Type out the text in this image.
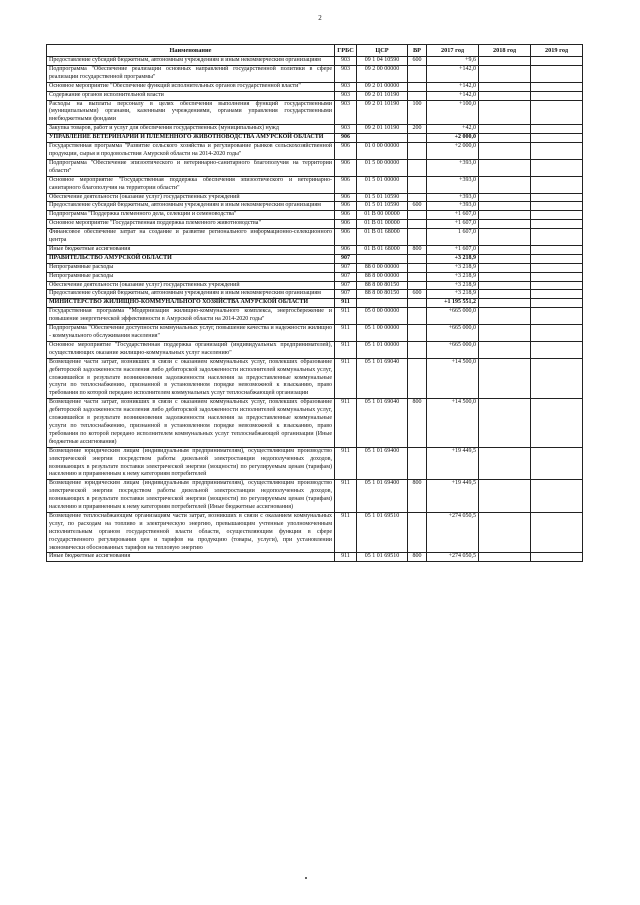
2
Наименование	ГРБС	ЦСР	ВР	2017 год	2018 год	2019 год
Предоставление субсидий бюджетным, автономным учреждениям и иным некоммерческим организациям	903	09 1 04 10590	600	+9,6		
Подпрограмма "Обеспечение реализации основных направлений государственной политики в сфере реализации государственной программы"	903	09 2 00 00000		+142,0		
Основное мероприятие "Обеспечение функций исполнительных органов государственной власти"	903	09 2 01 00000		+142,0		
Содержание органов исполнительной власти	903	09 2 01 10190		+142,0		
Расходы на выплаты персоналу в целях обеспечения выполнения функций государственными (муниципальными) органами, казенными учреждениями, органами управления государственными внебюджетными фондами	903	09 2 01 10190	100	+100,0		
Закупка товаров, работ и услуг для обеспечения государственных (муниципальных) нужд	903	09 2 01 10190	200	+42,0		
УПРАВЛЕНИЕ ВЕТЕРИНАРИИ И ПЛЕМЕННОГО ЖИВОТНОВОДСТВА АМУРСКОЙ ОБЛАСТИ	906			+2 000,0		
Государственная программа "Развитие сельского хозяйства и регулирование рынков сельскохозяйственной продукции, сырья и продовольствия Амурской области на 2014-2020 годы"	906	01 0 00 00000		+2 000,0		
Подпрограмма "Обеспечение эпизоотического и ветеринарно-санитарного благополучия на территории области"	906	01 5 00 00000		+393,0		
Основное мероприятие "Государственная поддержка обеспечения эпизоотического и ветеринарно-санитарного благополучия на территории области"	906	01 5 01 00000		+393,0		
Обеспечение деятельности (оказание услуг) государственных учреждений	906	01 5 01 10590		+393,0		
Предоставление субсидий бюджетным, автономным учреждениям и иным некоммерческим организациям	906	01 5 01 10590	600	+393,0		
Подпрограмма "Поддержка племенного дела, селекции и семеноводства"	906	01 В 00 00000		+1 607,0		
Основное мероприятие "Государственная поддержка племенного животноводства"	906	01 В 01 00000		+1 607,0		
Финансовое обеспечение затрат на создание и развитие регионального информационно-селекционного центра	906	01 В 01 68000		1 607,0		
Иные бюджетные ассигнования	906	01 В 01 68000	800	+1 607,0		
ПРАВИТЕЛЬСТВО АМУРСКОЙ ОБЛАСТИ	907			+3 218,9		
Непрограммные расходы	907	88 0 00 00000		+3 218,9		
Непрограммные расходы	907	88 8 00 00000		+3 218,9		
Обеспечение деятельности (оказание услуг) государственных учреждений	907	88 8 00 80150		+3 218,9		
Предоставление субсидий бюджетным, автономным учреждениям и иным некоммерческим организациям	907	88 8 00 80150	600	+3 218,9		
МИНИСТЕРСТВО ЖИЛИЩНО-КОММУНАЛЬНОГО ХОЗЯЙСТВА АМУРСКОЙ ОБЛАСТИ	911			+1 195 551,2		
Государственная программа "Модернизация жилищно-коммунального комплекса, энергосбережение и повышение энергетической эффективности в Амурской области на 2014-2020 годы"	911	05 0 00 00000		+665 000,0		
Подпрограмма "Обеспечение доступности коммунальных услуг, повышение качества и надежности жилищно - коммунального обслуживания населения"	911	05 1 00 00000		+665 000,0		
Основное мероприятие "Государственная поддержка организаций (индивидуальных предпринимателей), осуществляющих оказание жилищно-коммунальных услуг населению"	911	05 1 01 00000		+665 000,0		
Возмещение части затрат, возникших в связи с оказанием коммунальных услуг, повлекших образование дебиторской задолженности населения либо дебиторской задолженности исполнителей коммунальных услуг, сложившейся в результате возникновения задолженности населения за предоставленные коммунальные услуги по теплоснабжению, признанной в установленном порядке невозможной к взысканию, право требования по которой передано исполнителем коммунальных услуг теплоснабжающей организации	911	05 1 01 69040		+14 500,0		
Возмещение части затрат, возникших в связи с оказанием коммунальных услуг, повлекших образование дебиторской задолженности населения либо дебиторской задолженности исполнителей коммунальных услуг, сложившейся в результате возникновения задолженности населения за предоставленные коммунальные услуги по теплоснабжению, признанной в установленном порядке невозможной к взысканию, право требования по которой передано исполнителем коммунальных услуг теплоснабжающей организации (Иные бюджетные ассигнования)	911	05 1 01 69040	800	+14 500,0		
Возмещение юридическим лицам (индивидуальным предпринимателям), осуществляющим производство электрической энергии посредством работы дизельной электростанции недополученных доходов, возникающих в результате поставки электрической энергии (мощности) по регулируемым ценам (тарифам) населению и приравненным к нему категориям потребителей	911	05 1 01 69400		+19 449,5		
Возмещение юридическим лицам (индивидуальным предпринимателям), осуществляющим производство электрической энергии посредством работы дизельной электростанции недополученных доходов, возникающих в результате поставки электрической энергии (мощности) по регулируемым ценам (тарифам) населению и приравненным к нему категориям потребителей (Иные бюджетные ассигнования)	911	05 1 01 69400	800	+19 449,5		
Возмещение теплоснабжающим организациям части затрат, возникших в связи с оказанием коммунальных услуг, по расходам на топливо и электрическую энергию, превышающим учтенные уполномоченным исполнительным органом государственной власти области, осуществляющим функции в сфере государственного регулирования цен и тарифов на продукцию (товары, услуги), при установлении экономически обоснованных тарифов на тепловую энергию	911	05 1 01 69510		+274 050,5		
Иные бюджетные ассигнования	911	05 1 01 69510	800	+274 050,5		
